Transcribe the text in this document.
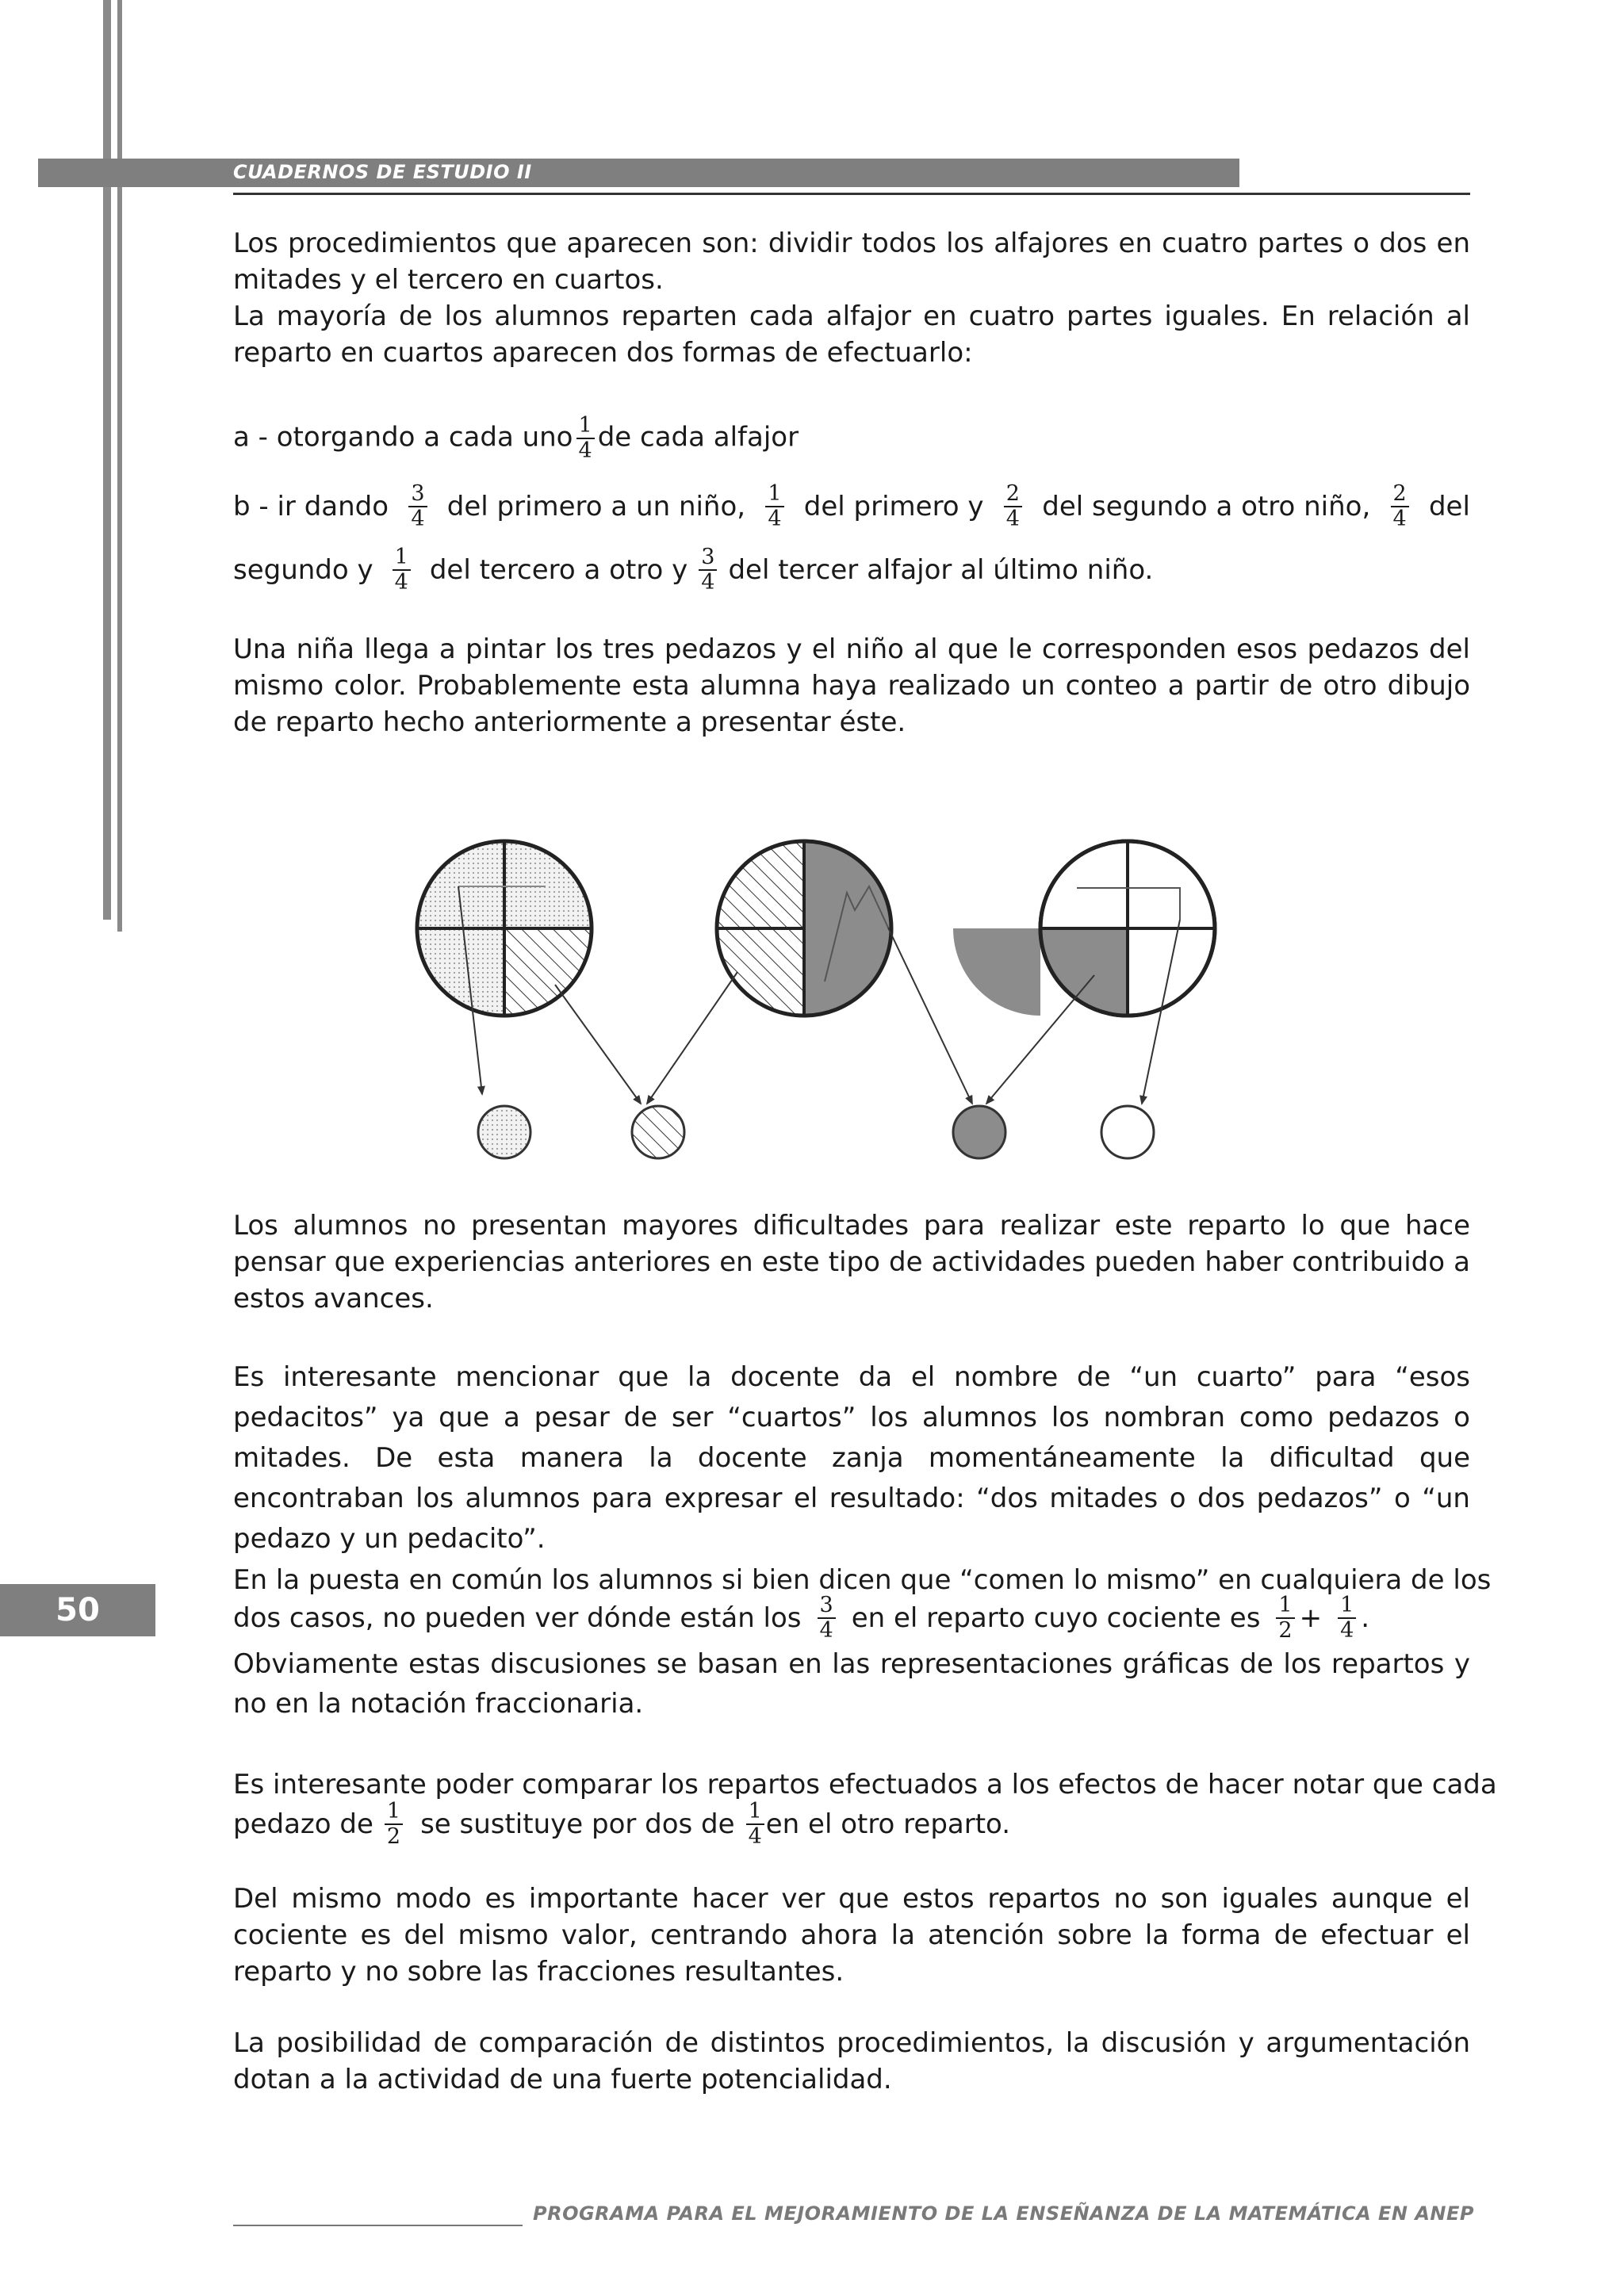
CUADERNOS DE ESTUDIO II

Los procedimientos que aparecen son: dividir todos los alfajores en cuatro partes o dos en mitades y el tercero en cuartos.

La mayoría de los alumnos reparten cada alfajor en cuatro partes iguales. En relación al reparto en cuartos aparecen dos formas de efectuarlo:

a - otorgando a cada uno $\frac{1}{4}$ de cada alfajor
b - ir dando $\frac{3}{4}$ del primero a un niño, $\frac{1}{4}$ del primero y $\frac{2}{4}$ del segundo a otro niño, $\frac{2}{4}$ del
segundo y $\frac{1}{4}$ del tercero a otro y $\frac{3}{4}$ del tercer alfajor al último niño.

Una niña llega a pintar los tres pedazos y el niño al que le corresponden esos pedazos del mismo color. Probablemente esta alumna haya realizado un conteo a partir de otro dibujo de reparto hecho anteriormente a presentar éste.

Los alumnos no presentan mayores dificultades para realizar este reparto lo que hace pensar que experiencias anteriores en este tipo de actividades pueden haber contribuido a estos avances.

Es interesante mencionar que la docente da el nombre de “un cuarto” para “esos pedacitos” ya que a pesar de ser “cuartos” los alumnos los nombran como pedazos o mitades. De esta manera la docente zanja momentáneamente la dificultad que encontraban los alumnos para expresar el resultado: “dos mitades o dos pedazos” o “un pedazo y un pedacito”.

En la puesta en común los alumnos si bien dicen que “comen lo mismo” en cualquiera de los
dos casos, no pueden ver dónde están los $\frac{3}{4}$ en el reparto cuyo cociente es $\frac{1}{2} + \frac{1}{4}$ .

Obviamente estas discusiones se basan en las representaciones gráficas de los repartos y no en la notación fraccionaria.

Es interesante poder comparar los repartos efectuados a los efectos de hacer notar que cada
pedazo de $\frac{1}{2}$ se sustituye por dos de $\frac{1}{4}$ en el otro reparto.

Del mismo modo es importante hacer ver que estos repartos no son iguales aunque el cociente es del mismo valor, centrando ahora la atención sobre la forma de efectuar el reparto y no sobre las fracciones resultantes.

La posibilidad de comparación de distintos procedimientos, la discusión y argumentación dotan a la actividad de una fuerte potencialidad.

50
PROGRAMA PARA EL MEJORAMIENTO DE LA ENSEÑANZA DE LA MATEMÁTICA EN ANEP
